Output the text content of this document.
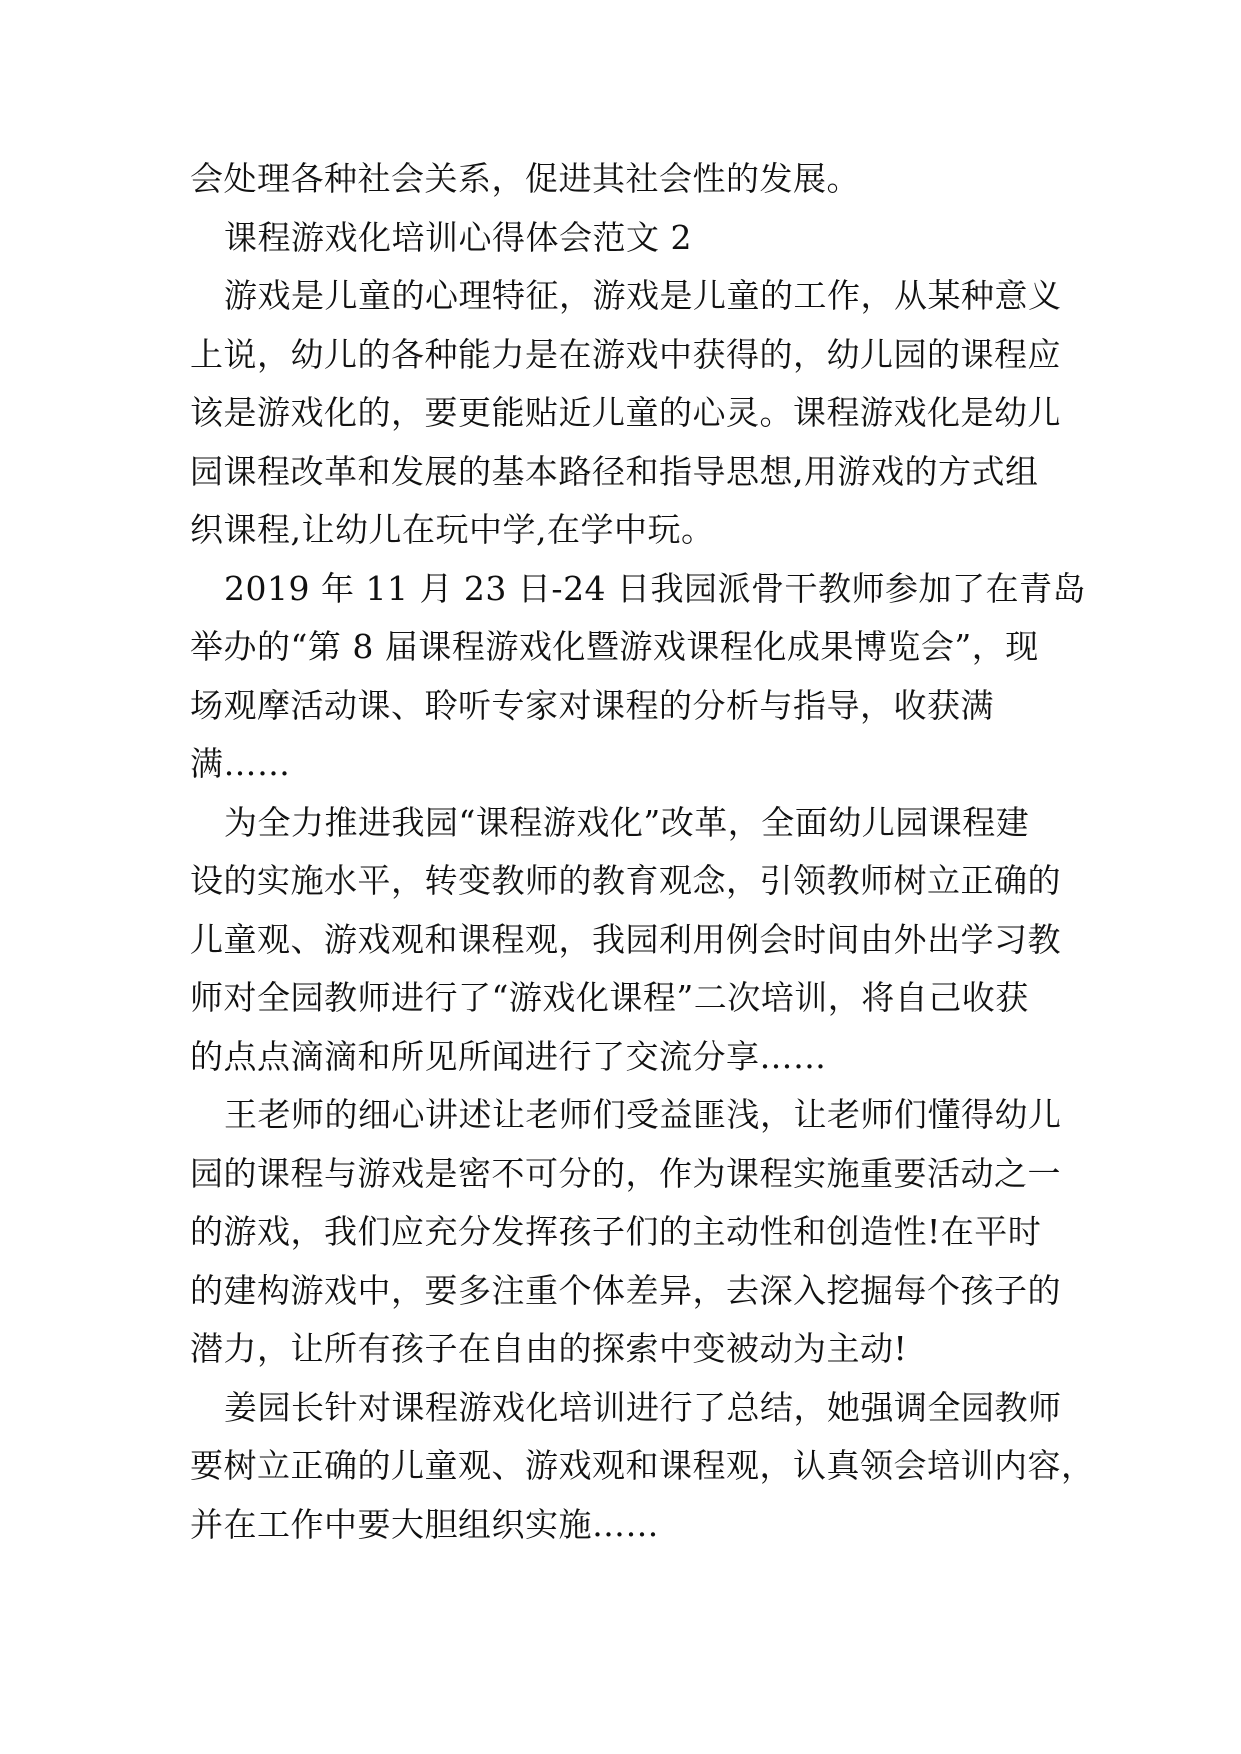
会处理各种社会关系，促进其社会性的发展。
课程游戏化培训心得体会范文 2
游戏是儿童的心理特征，游戏是儿童的工作，从某种意义
上说，幼儿的各种能力是在游戏中获得的，幼儿园的课程应
该是游戏化的，要更能贴近儿童的心灵。课程游戏化是幼儿
园课程改革和发展的基本路径和指导思想,用游戏的方式组
织课程,让幼儿在玩中学,在学中玩。
2019 年 11 月 23 日-24 日我园派骨干教师参加了在青岛
举办的“第 8 届课程游戏化暨游戏课程化成果博览会”，现
场观摩活动课、聆听专家对课程的分析与指导，收获满
满……
为全力推进我园“课程游戏化”改革，全面幼儿园课程建
设的实施水平，转变教师的教育观念，引领教师树立正确的
儿童观、游戏观和课程观，我园利用例会时间由外出学习教
师对全园教师进行了“游戏化课程”二次培训，将自己收获
的点点滴滴和所见所闻进行了交流分享……
王老师的细心讲述让老师们受益匪浅，让老师们懂得幼儿
园的课程与游戏是密不可分的，作为课程实施重要活动之一
的游戏，我们应充分发挥孩子们的主动性和创造性!在平时
的建构游戏中，要多注重个体差异，去深入挖掘每个孩子的
潜力，让所有孩子在自由的探索中变被动为主动!
姜园长针对课程游戏化培训进行了总结，她强调全园教师
要树立正确的儿童观、游戏观和课程观，认真领会培训内容，
并在工作中要大胆组织实施……
